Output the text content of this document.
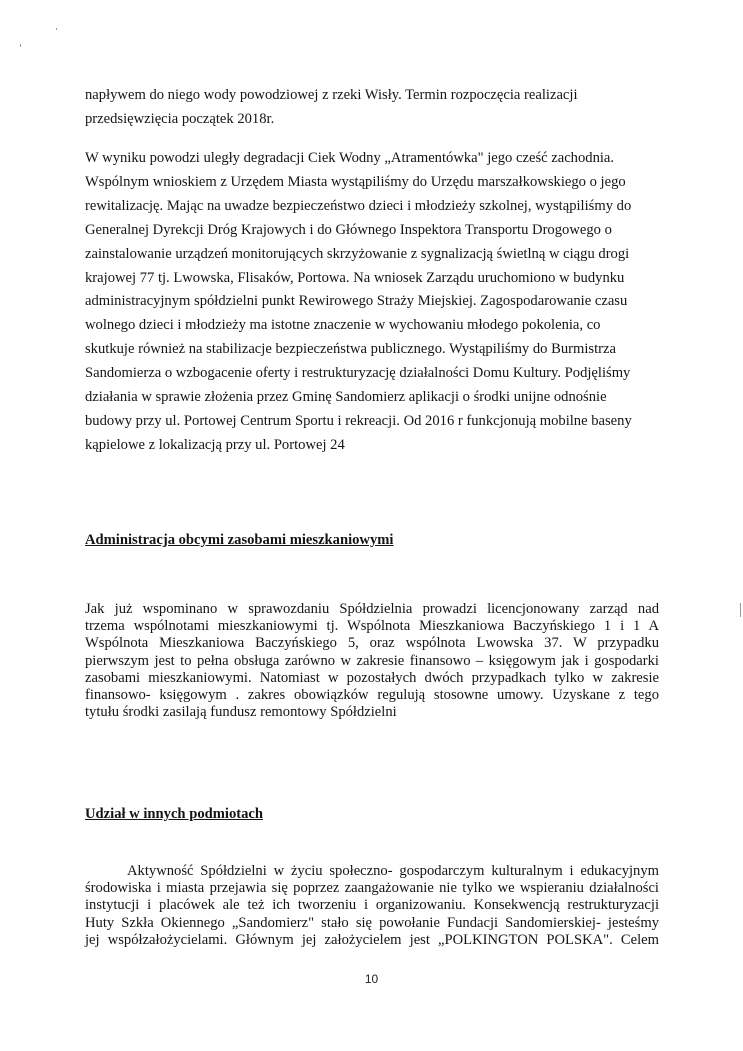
napływem do niego wody powodziowej z rzeki Wisły. Termin rozpoczęcia realizacji
przedsięwzięcia początek 2018r.

W wyniku powodzi uległy degradacji Ciek Wodny „Atramentówka" jego cześć zachodnia.
Wspólnym wnioskiem z Urzędem Miasta wystąpiliśmy do Urzędu marszałkowskiego o jego
rewitalizację. Mając na uwadze bezpieczeństwo dzieci i młodzieży szkolnej, wystąpiliśmy do
Generalnej Dyrekcji Dróg Krajowych i do Głównego Inspektora Transportu Drogowego o
zainstalowanie urządzeń monitorujących skrzyżowanie z sygnalizacją świetlną w ciągu drogi
krajowej 77 tj. Lwowska, Flisaków, Portowa. Na wniosek Zarządu uruchomiono w budynku
administracyjnym spółdzielni punkt Rewirowego Straży Miejskiej. Zagospodarowanie czasu
wolnego dzieci i młodzieży ma istotne znaczenie w wychowaniu młodego pokolenia, co
skutkuje również na stabilizacje bezpieczeństwa publicznego. Wystąpiliśmy do Burmistrza
Sandomierza o wzbogacenie oferty i restrukturyzację działalności Domu Kultury. Podjęliśmy
działania w sprawie złożenia przez Gminę Sandomierz aplikacji o środki unijne odnośnie
budowy przy ul. Portowej Centrum Sportu i rekreacji. Od 2016 r funkcjonują mobilne baseny
kąpielowe z lokalizacją przy ul. Portowej 24

Administracja obcymi zasobami mieszkaniowymi

Jak już wspominano w sprawozdaniu Spółdzielnia prowadzi licencjonowany zarząd nad
trzema wspólnotami mieszkaniowymi tj. Wspólnota Mieszkaniowa Baczyńskiego 1 i 1 A
Wspólnota Mieszkaniowa Baczyńskiego 5, oraz wspólnota Lwowska 37. W przypadku
pierwszym jest to pełna obsługa zarówno w zakresie finansowo – księgowym jak i gospodarki
zasobami mieszkaniowymi. Natomiast w pozostałych dwóch przypadkach tylko w zakresie
finansowo- księgowym . zakres obowiązków regulują stosowne umowy. Uzyskane z tego
tytułu środki zasilają fundusz remontowy Spółdzielni

Udział w innych podmiotach

Aktywność Spółdzielni w życiu społeczno- gospodarczym kulturalnym i edukacyjnym
środowiska i miasta przejawia się poprzez zaangażowanie nie tylko we wspieraniu działalności
instytucji i placówek ale też ich tworzeniu i organizowaniu. Konsekwencją restrukturyzacji
Huty Szkła Okiennego „Sandomierz" stało się powołanie Fundacji Sandomierskiej- jesteśmy
jej współzałożycielami. Głównym jej założycielem jest „POLKINGTON POLSKA". Celem

10
